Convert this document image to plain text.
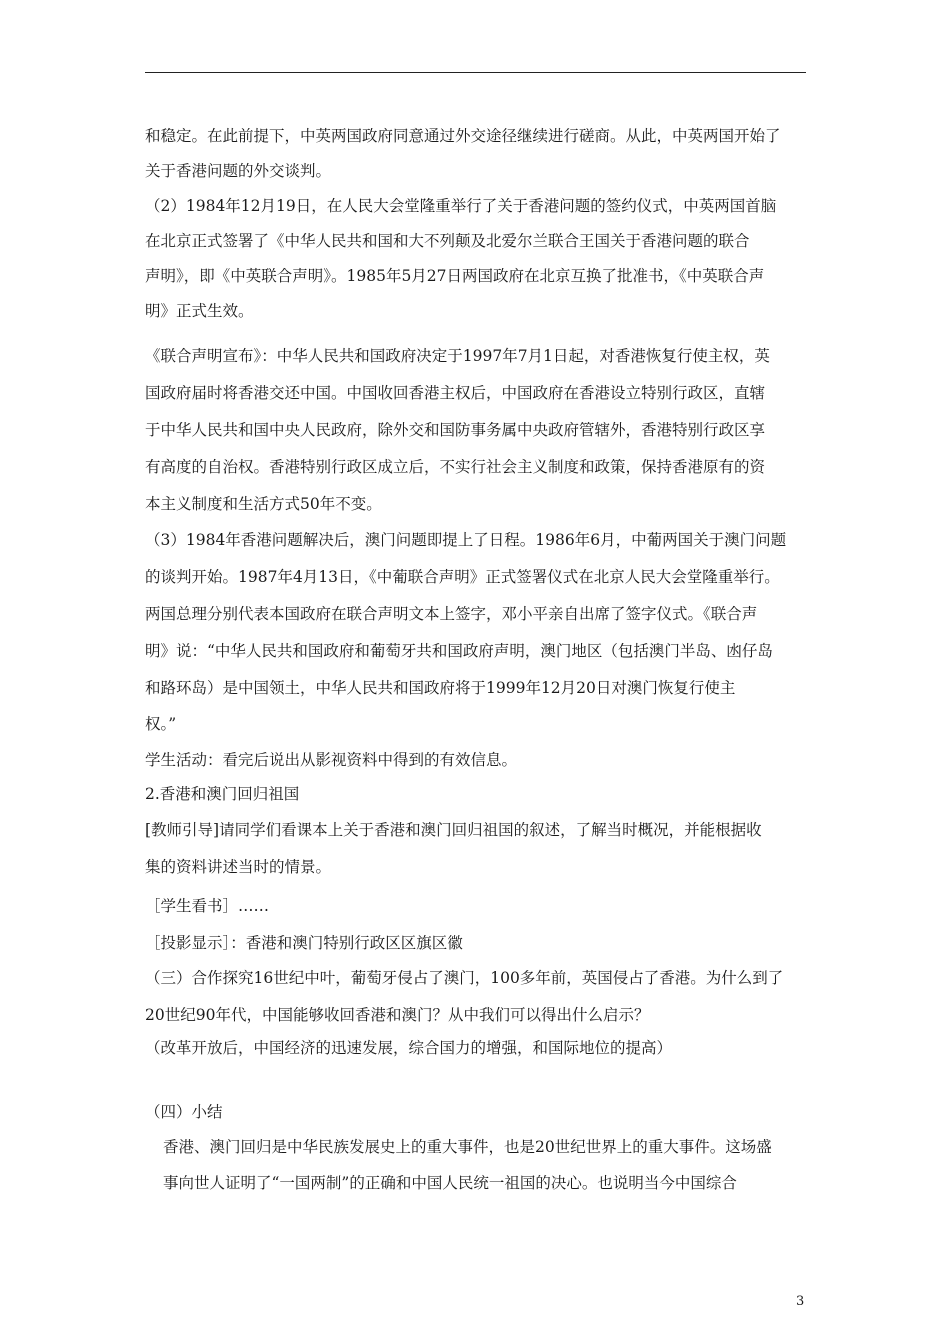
和稳定。在此前提下，中英两国政府同意通过外交途径继续进行磋商。从此，中英两国开始了
关于香港问题的外交谈判。
（2）1984年12月19日，在人民大会堂隆重举行了关于香港问题的签约仪式，中英两国首脑
在北京正式签署了《中华人民共和国和大不列颠及北爱尔兰联合王国关于香港问题的联合
声明》，即《中英联合声明》。1985年5月27日两国政府在北京互换了批准书，《中英联合声
明》正式生效。
《联合声明宣布》：中华人民共和国政府决定于1997年7月1日起，对香港恢复行使主权，英
国政府届时将香港交还中国。中国收回香港主权后，中国政府在香港设立特别行政区，直辖
于中华人民共和国中央人民政府，除外交和国防事务属中央政府管辖外，香港特别行政区享
有高度的自治权。香港特别行政区成立后，不实行社会主义制度和政策，保持香港原有的资
本主义制度和生活方式50年不变。
（3）1984年香港问题解决后，澳门问题即提上了日程。1986年6月，中葡两国关于澳门问题
的谈判开始。1987年4月13日，《中葡联合声明》正式签署仪式在北京人民大会堂隆重举行。
两国总理分别代表本国政府在联合声明文本上签字，邓小平亲自出席了签字仪式。《联合声
明》说：“中华人民共和国政府和葡萄牙共和国政府声明，澳门地区（包括澳门半岛、凼仔岛
和路环岛）是中国领土，中华人民共和国政府将于1999年12月20日对澳门恢复行使主
权。”
学生活动：看完后说出从影视资料中得到的有效信息。
2.香港和澳门回归祖国
[教师引导]请同学们看课本上关于香港和澳门回归祖国的叙述，了解当时概况，并能根据收
集的资料讲述当时的情景。
［学生看书］……
［投影显示］：香港和澳门特别行政区区旗区徽
（三）合作探究16世纪中叶，葡萄牙侵占了澳门，100多年前，英国侵占了香港。为什么到了
20世纪90年代，中国能够收回香港和澳门？从中我们可以得出什么启示？
（改革开放后，中国经济的迅速发展，综合国力的增强，和国际地位的提高）
（四）小结
香港、澳门回归是中华民族发展史上的重大事件，也是20世纪世界上的重大事件。这场盛
事向世人证明了“一国两制”的正确和中国人民统一祖国的决心。也说明当今中国综合
3
